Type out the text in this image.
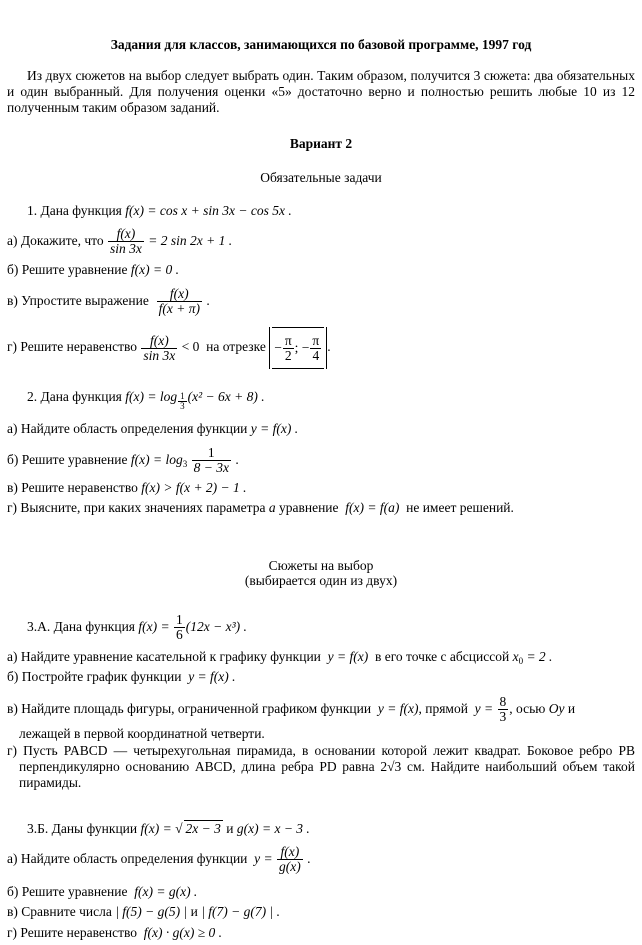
Задания для классов, занимающихся по базовой программе, 1997 год
Из двух сюжетов на выбор следует выбрать один. Таким образом, получится 3 сюжета: два обязательных и один выбранный. Для получения оценки «5» достаточно верно и полностью решить любые 10 из 12 полученным таким образом заданий.
Вариант 2
Обязательные задачи
1. Дана функция f(x) = cos x + sin 3x − cos 5x .
а) Докажите, что $\frac{f(x)}{\sin 3x} = 2$ sin 2x + 1 .
б) Решите уравнение f(x) = 0 .
в) Упростите выражение $\frac{f(x)}{f(x + \pi)}$ .
г) Решите неравенство $\frac{f(x)}{\sin 3x} < 0$ на отрезке − $\frac{\pi}{2}$ ; − $\frac{\pi}{4}$ .
2. Дана функция $f(x) = \log \frac{1}{3} (x^2 - 6x + 8)$ .
а) Найдите область определения функции y = f(x) .
б) Решите уравнение $f(x) = \log_3 \frac{1}{8 - 3x}$ .
в) Решите неравенство f(x) > f(x + 2) − 1 .
г) Выясните, при каких значениях параметра a уравнение f(x) = f(a) не имеет решений.
Сюжеты на выбор
(выбирается один из двух)
3.А. Дана функция $f(x) = \frac{1}{6} (12x - x^3)$ .
а) Найдите уравнение касательной к графику функции y = f(x) в его точке с абсциссой $x_0 = 2$ .
б) Постройте график функции y = f(x) .
в) Найдите площадь фигуры, ограниченной графиком функции y = f(x), прямой $y = \frac{8}{3}$ , осью Oy и
лежащей в первой координатной четверти.
г) Пусть PABCD — четырехугольная пирамида, в основании которой лежит квадрат. Боковое ребро PB перпендикулярно основанию ABCD, длина ребра PD равна 2√3 см. Найдите наибольший объем такой пирамиды.
3.Б. Даны функции f(x) = √ 2x − 3 и g(x) = x − 3 .
а) Найдите область определения функции $y = \frac{f(x)}{g(x)}$ .
б) Решите уравнение f(x) = g(x) .
в) Сравните числа | f(5) − g(5) | и | f(7) − g(7) | .
г) Решите неравенство f(x) · g(x) ≥ 0 .
